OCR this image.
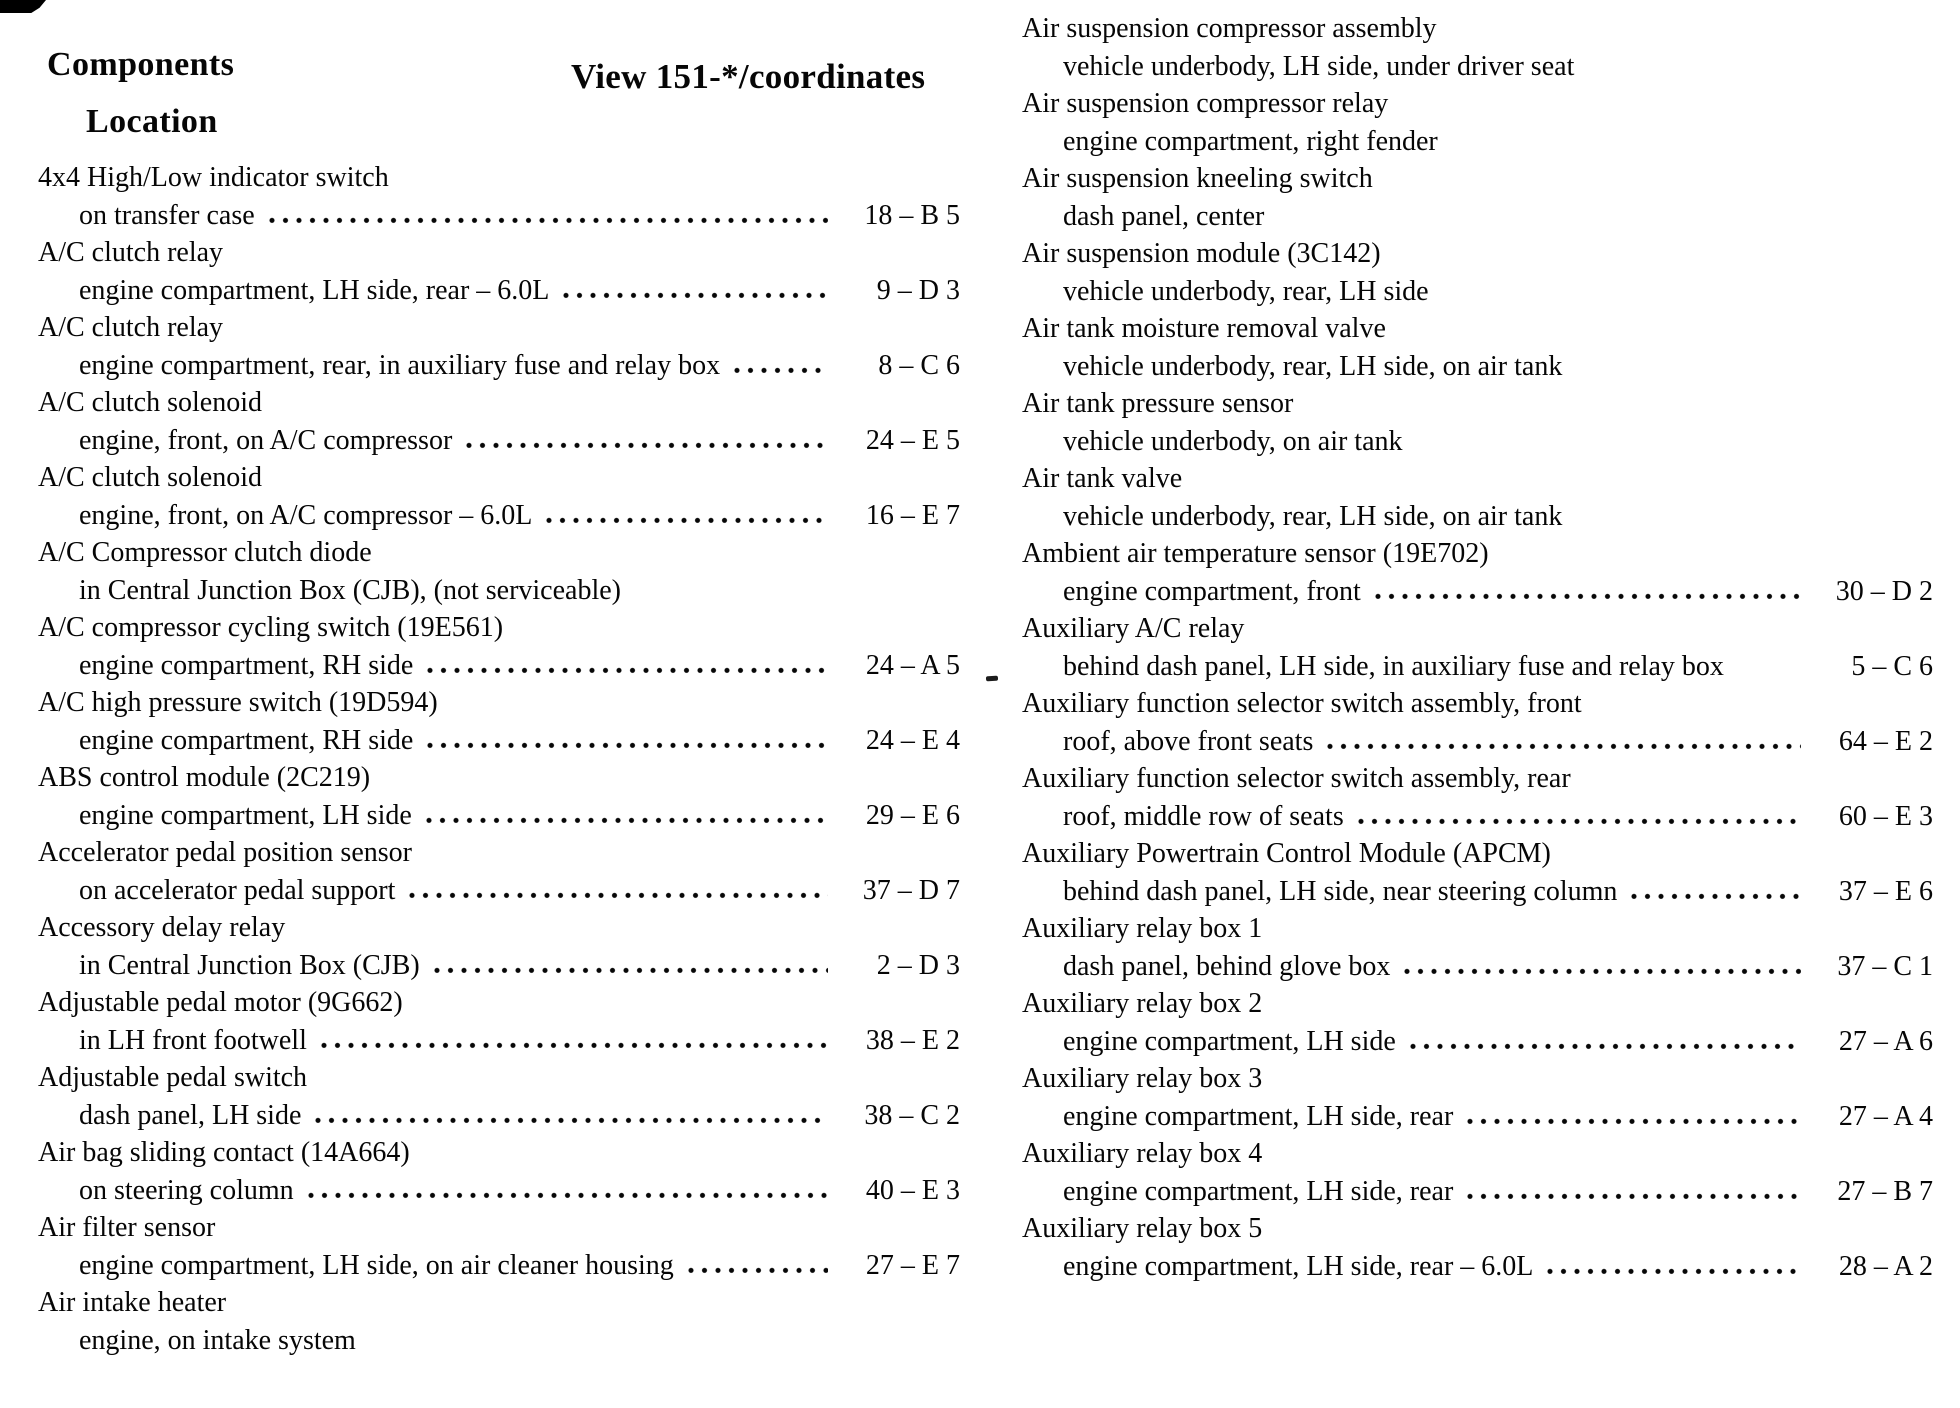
Components
Location
View 151-*/coordinates
4x4 High/Low indicator switch
on transfer case	18 – B 5
A/C clutch relay
engine compartment, LH side, rear – 6.0L	9 – D 3
A/C clutch relay
engine compartment, rear, in auxiliary fuse and relay box	8 – C 6
A/C clutch solenoid
engine, front, on A/C compressor	24 – E 5
A/C clutch solenoid
engine, front, on A/C compressor – 6.0L	16 – E 7
A/C Compressor clutch diode
in Central Junction Box (CJB), (not serviceable)
A/C compressor cycling switch (19E561)
engine compartment, RH side	24 – A 5
A/C high pressure switch (19D594)
engine compartment, RH side	24 – E 4
ABS control module (2C219)
engine compartment, LH side	29 – E 6
Accelerator pedal position sensor
on accelerator pedal support	37 – D 7
Accessory delay relay
in Central Junction Box (CJB)	2 – D 3
Adjustable pedal motor (9G662)
in LH front footwell	38 – E 2
Adjustable pedal switch
dash panel, LH side	38 – C 2
Air bag sliding contact (14A664)
on steering column	40 – E 3
Air filter sensor
engine compartment, LH side, on air cleaner housing	27 – E 7
Air intake heater
engine, on intake system
Air suspension compressor assembly
vehicle underbody, LH side, under driver seat
Air suspension compressor relay
engine compartment, right fender
Air suspension kneeling switch
dash panel, center
Air suspension module (3C142)
vehicle underbody, rear, LH side
Air tank moisture removal valve
vehicle underbody, rear, LH side, on air tank
Air tank pressure sensor
vehicle underbody, on air tank
Air tank valve
vehicle underbody, rear, LH side, on air tank
Ambient air temperature sensor (19E702)
engine compartment, front	30 – D 2
Auxiliary A/C relay
behind dash panel, LH side, in auxiliary fuse and relay box	5 – C 6
Auxiliary function selector switch assembly, front
roof, above front seats	64 – E 2
Auxiliary function selector switch assembly, rear
roof, middle row of seats	60 – E 3
Auxiliary Powertrain Control Module (APCM)
behind dash panel, LH side, near steering column	37 – E 6
Auxiliary relay box 1
dash panel, behind glove box	37 – C 1
Auxiliary relay box 2
engine compartment, LH side	27 – A 6
Auxiliary relay box 3
engine compartment, LH side, rear	27 – A 4
Auxiliary relay box 4
engine compartment, LH side, rear	27 – B 7
Auxiliary relay box 5
engine compartment, LH side, rear – 6.0L	28 – A 2
